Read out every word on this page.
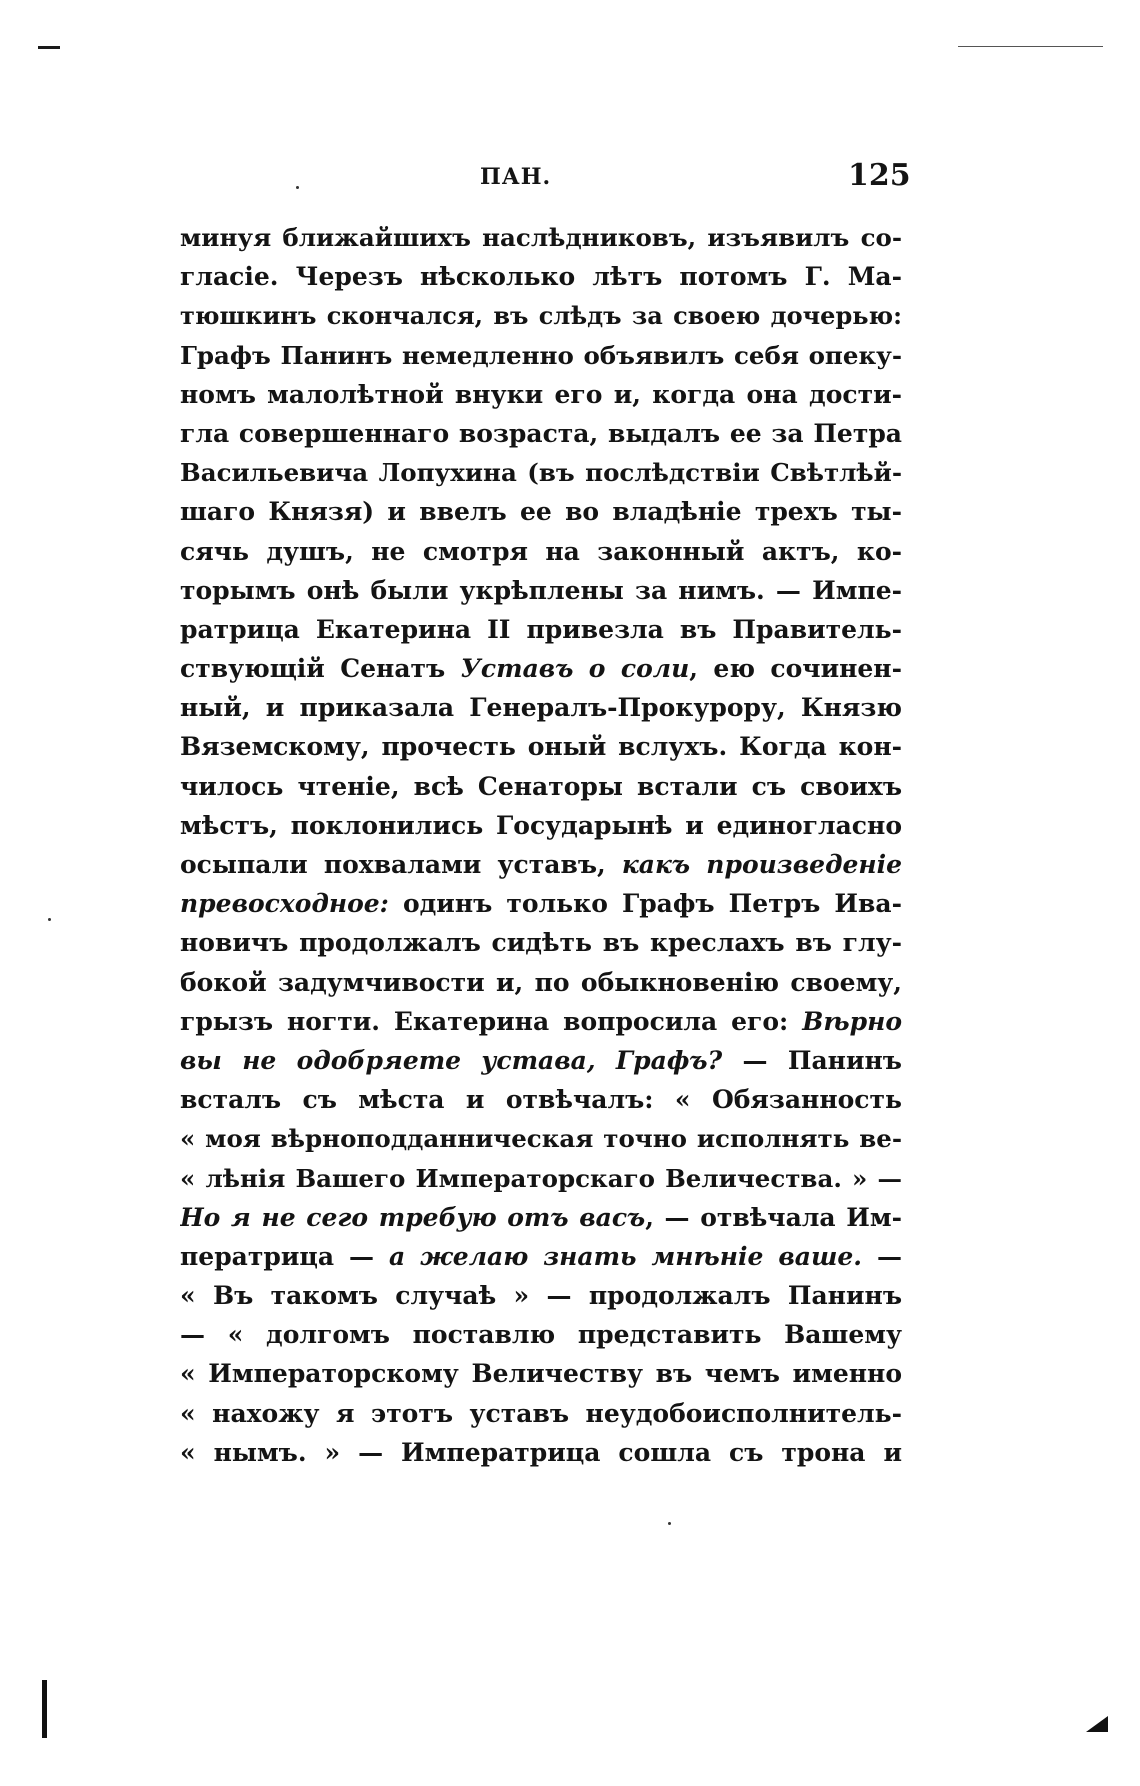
ПАН.	125
минуя ближайшихъ наслѣдниковъ, изъявилъ со-
гласіе. Черезъ нѣсколько лѣтъ потомъ Г. Ма-
тюшкинъ скончался, въ слѣдъ за своею дочерью:
Графъ Панинъ немедленно объявилъ себя опеку-
номъ малолѣтной внуки его и, когда она дости-
гла совершеннаго возраста, выдалъ ее за Петра
Васильевича Лопухина (въ послѣдствіи Свѣтлѣй-
шаго Князя) и ввелъ ее во владѣніе трехъ ты-
сячь душъ, не смотря на законный актъ, ко-
торымъ онѣ были укрѣплены за нимъ. — Импе-
ратрица Екатерина II привезла въ Правитель-
ствующій Сенатъ Уставъ о соли, ею сочинен-
ный, и приказала Генералъ-Прокурору, Князю
Вяземскому, прочесть оный вслухъ. Когда кон-
чилось чтеніе, всѣ Сенаторы встали съ своихъ
мѣстъ, поклонились Государынѣ и единогласно
осыпали похвалами уставъ, какъ произведеніе
превосходное: одинъ только Графъ Петръ Ива-
новичъ продолжалъ сидѣть въ креслахъ въ глу-
бокой задумчивости и, по обыкновенію своему,
грызъ ногти. Екатерина вопросила его: Вѣрно
вы не одобряете устава, Графъ? — Панинъ
всталъ съ мѣста и отвѣчалъ: « Обязанность
« моя вѣрноподданническая точно исполнять ве-
« лѣнія Вашего Императорскаго Величества. » —
Но я не сего требую отъ васъ, — отвѣчала Им-
ператрица — а желаю знать мнѣніе ваше. —
« Въ такомъ случаѣ » — продолжалъ Панинъ
— « долгомъ поставлю представить Вашему
« Императорскому Величеству въ чемъ именно
« нахожу я этотъ уставъ неудобоисполнитель-
« нымъ. » — Императрица сошла съ трона и
